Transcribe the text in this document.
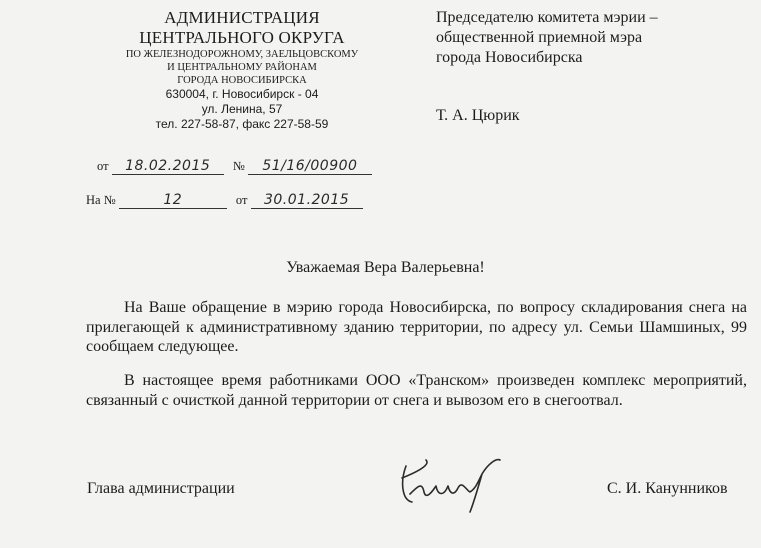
АДМИНИСТРАЦИЯ
ЦЕНТРАЛЬНОГО ОКРУГА
ПО ЖЕЛЕЗНОДОРОЖНОМУ, ЗАЕЛЬЦОВСКОМУ
И ЦЕНТРАЛЬНОМУ РАЙОНАМ
ГОРОДА НОВОСИБИРСКА
630004, г. Новосибирск - 04
ул. Ленина, 57
тел. 227-58-87, факс 227-58-59
Председателю комитета мэрии –
общественной приемной мэра
города Новосибирска
Т. А. Цюрик
от 18.02.2015 № 51/16/00900
На №	12	от 30.01.2015
Уважаемая Вера Валерьевна!
На Ваше обращение в мэрию города Новосибирска, по вопросу складирования снега на прилегающей к административному зданию территории, по адресу ул. Семьи Шамшиных, 99 сообщаем следующее.
В настоящее время работниками ООО «Транском» произведен комплекс мероприятий, связанный с очисткой данной территории от снега и вывозом его в снегоотвал.
Глава администрации	С. И. Канунников
